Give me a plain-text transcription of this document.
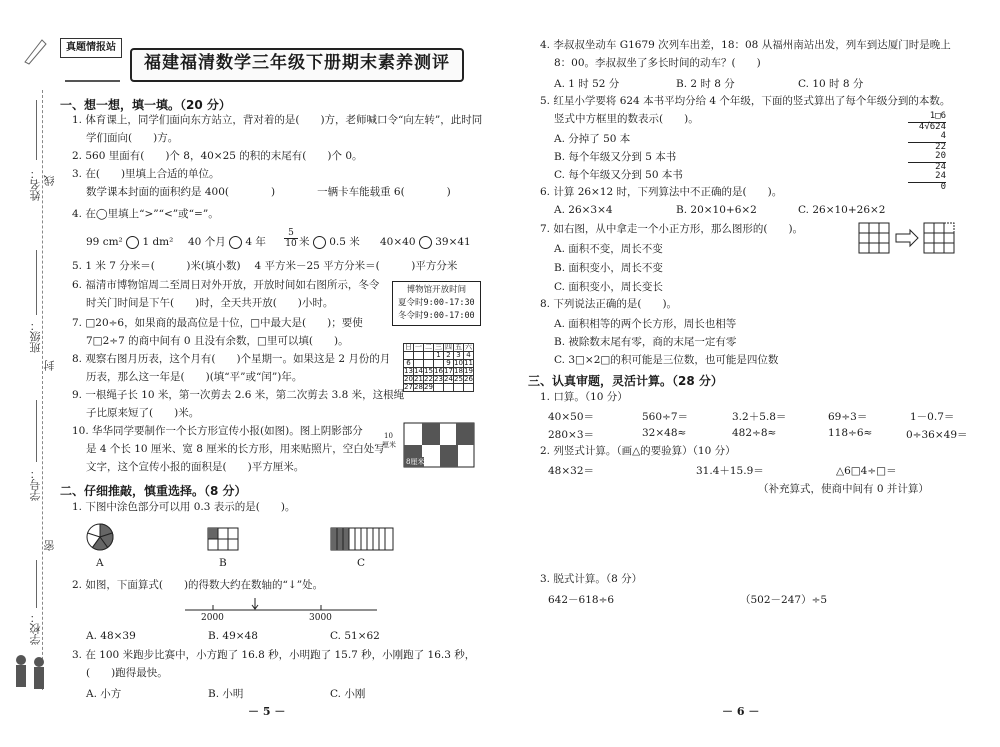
姓名： 线
班级：
封
学号：
密
学校：
真题情报站
福建福清数学三年级下册期末素养测评
一、想一想，填一填。（20 分）
1. 体育课上，同学们面向东方站立，背对着的是(　　)方，老师喊口令“向左转”，此时同
学们面向(　　)方。
2. 560 里面有(　　)个 8，40×25 的积的末尾有(　　)个 0。
3. 在(　　)里填上合适的单位。
数学课本封面的面积约是 400(　　　　)　　　　一辆卡车能载重 6(　　　　)
4. 在◯里填上“>”“<”或“=”。
99 cm² 1 dm² 40 个月 4 年 $\frac{5}{10}$ 米 0.5 米 40×40 39×41
5. 1 米 7 分米＝(　　　)米(填小数)　 4 平方米－25 平方分米＝(　　　)平方分米
6. 福清市博物馆周二至周日对外开放，开放时间如右图所示，冬令
时关门时间是下午(　　)时，全天共开放(　　)小时。
博物馆开放时间
夏令时9:00-17:30
冬令时9:00-17:00
7. □20÷6，如果商的最高位是十位，□中最大是(　　)；要使
7□2÷7 的商中间有 0 且没有余数，□里可以填(　　)。
8. 观察右图月历表，这个月有(　　)个星期一。如果这是 2 月份的月
历表，那么这一年是(　　)(填“平”或“闰”)年。
日	一	二	三	四	五	六
			1	2	3	4
6				9	10	11
13	14	15	16	17	18	19
20	21	22	23	24	25	26
27	28	29				
9. 一根绳子长 10 米，第一次剪去 2.6 米，第二次剪去 3.8 米，这根绳
子比原来短了(　　)米。
10. 华华同学要制作一个长方形宣传小报(如图)。图上阴影部分
是 4 个长 10 厘米、宽 8 厘米的长方形，用来贴照片，空白处写
文字，这个宣传小报的面积是(　　)平方厘米。
10
厘米
8厘米
二、仔细推敲，慎重选择。（8 分）
1. 下图中涂色部分可以用 0.3 表示的是(　　)。
A	B	C
2. 如图，下面算式(　　)的得数大约在数轴的“↓”处。
2000	3000
A. 48×39	B. 49×48	C. 51×62
3. 在 100 米跑步比赛中，小方跑了 16.8 秒，小明跑了 15.7 秒，小刚跑了 16.3 秒，
(　　)跑得最快。
A. 小方	B. 小明	C. 小刚
－ 5 －
4. 李叔叔坐动车 G1679 次列车出差，18：08 从福州南站出发，列车到达厦门时是晚上
8：00。李叔叔坐了多长时间的动车？(　　)
A. 1 时 52 分	B. 2 时 8 分	C. 10 时 8 分
5. 红星小学要将 624 本书平均分给 4 个年级，下面的竖式算出了每个年级分到的本数。
竖式中方框里的数表示(　　)。
A. 分掉了 50 本
B. 每个年级又分到 5 本书
C. 每个年级又分到 50 本书
1□6
4√624
4
22
20
24
24
0
6. 计算 26×12 时，下列算法中不正确的是(　　)。
A. 26×3×4	B. 20×10+6×2	C. 26×10+26×2
7. 如右图，从中拿走一个小正方形，那么图形的(　　)。
A. 面积不变，周长不变
B. 面积变小，周长不变
C. 面积变小，周长变长
8. 下列说法正确的是(　　)。
A. 面积相等的两个长方形，周长也相等
B. 被除数末尾有零，商的末尾一定有零
C. 3□×2□的积可能是三位数，也可能是四位数
三、认真审题，灵活计算。（28 分）
1. 口算。（10 分）
40×50＝	560÷7＝	3.2＋5.8＝	69÷3＝	1－0.7＝
280×3＝	32×48≈	482÷8≈	118÷6≈	0÷36×49＝
2. 列竖式计算。（画△的要验算）（10 分）
48×32＝	31.4＋15.9＝	△6□4÷□＝
（补充算式，使商中间有 0 并计算）
3. 脱式计算。（8 分）
642－618÷6	（502－247）÷5
－ 6 －
